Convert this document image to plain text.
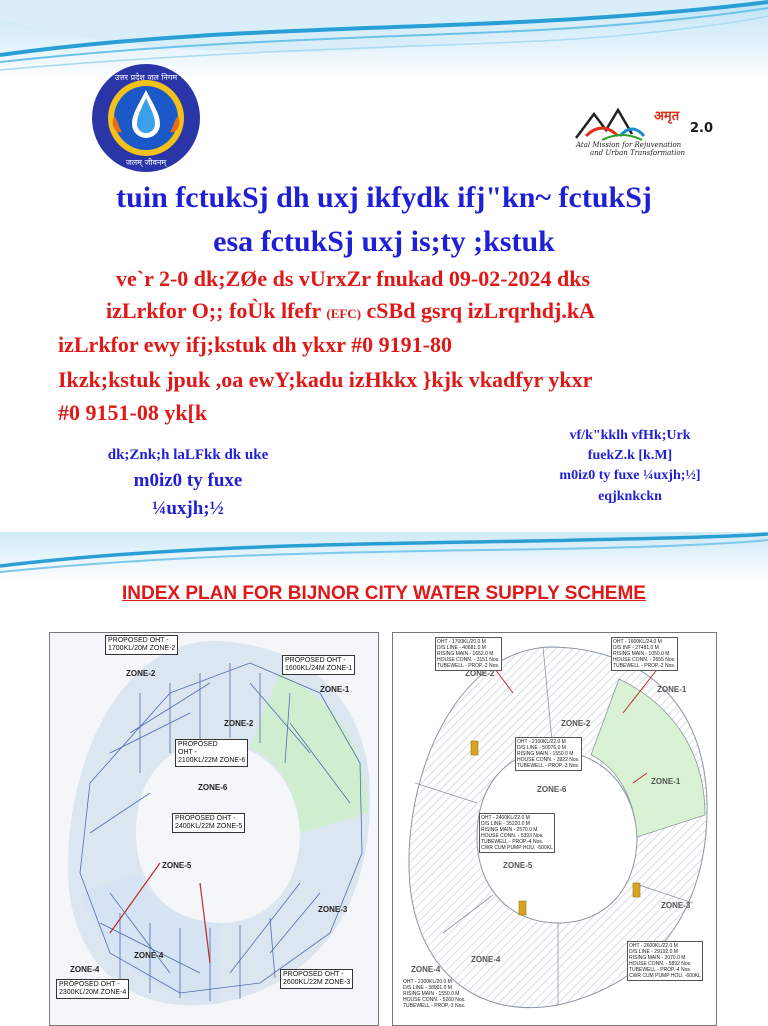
उत्तर प्रदेश जल निगम
जलम् जीवनम्
अमृत
2.0
Atal Mission for Rejuvenation
and Urban Transformation
tuin fctukSj dh uxj ikfydk ifj"kn~ fctukSj
esa fctukSj uxj is;ty ;kstuk
ve`r 2-0 dk;ZØe ds vUrxZr fnukad 09-02-2024 dks
izLrkfor O;; foÙk lfefr (EFC) cSBd gsrq izLrqrhdj.kA
izLrkfor ewy ifj;kstuk dh ykxr #0 9191-80
Ikzk;kstuk jpuk ,oa ewY;kadu izHkkx }kjk vkadfyr ykxr
#0 9151-08 yk[k
dk;Znk;h laLFkk dk uke
m0iz0 ty fuxe
¼uxjh;½
vf/k"kklh vfHk;Urk
fuekZ.k [k.M]
m0iz0 ty fuxe ¼uxjh;½]
eqjknkckn
INDEX PLAN FOR BIJNOR CITY WATER SUPPLY SCHEME
PROPOSED OHT -
1700KL/20M ZONE-2
PROPOSED OHT -
1600KL/24M ZONE-1
PROPOSED
OHT -
2100KL/22M ZONE-6
PROPOSED OHT -
2400KL/22M ZONE-5
PROPOSED OHT -
2300KL/20M ZONE-4
PROPOSED OHT -
2600KL/22M ZONE-3
ZONE-2
ZONE-1
ZONE-2
ZONE-6
ZONE-5
ZONE-3
ZONE-4
ZONE-4
OHT - 1700KL/20.0 M
D/S LINE - 40681.0 M
RISING MAIN - 1652.0 M
HOUSE CONN. - 3151 Nos.
TUBEWELL - PROP.-2 Nos.
OHT - 1600KL/24.0 M
D/S INF - 27481.0 M
RISING MAIN - 1050.0 M
HOUSE CONN. - 2655 Nos.
TUBEWELL - PROP.-2 Nos.
OHT - 2100KL/22.0 M
D/S LINE - 50076.0 M
RISING MAIN - 1550.0 M
HOUSE CONN. - 3922 Nos.
TUBEWELL - PROP.-3 Nos.
OHT - 2400KL/22.0 M
D/S LINE - 35220.0 M
RISING MAIN - 2570.0 M
HOUSE CONN. - 5393 Nos.
TUBEWELL - PROP.-4 Nos.
CWR CUM PUMP HOU. -500KL
OHT - 2600KL/22.0 M
D/S LINE - 29192.0 M
RISING MAIN - 2070.0 M
HOUSE CONN. - 5892 Nos.
TUBEWELL - PROP.-4 Nos.
CWR CUM PUMP HOU. -600KL
OHT - 2300KL/20.0 M
D/S LINE - 38901.0 M
RISING MAIN - 1550.0 M
HOUSE CONN. - 5260 Nos.
TUBEWELL - PROP.-3 Nos.
ZONE-2
ZONE-1
ZONE-2
ZONE-1
ZONE-6
ZONE-5
ZONE-3
ZONE-4
ZONE-4
